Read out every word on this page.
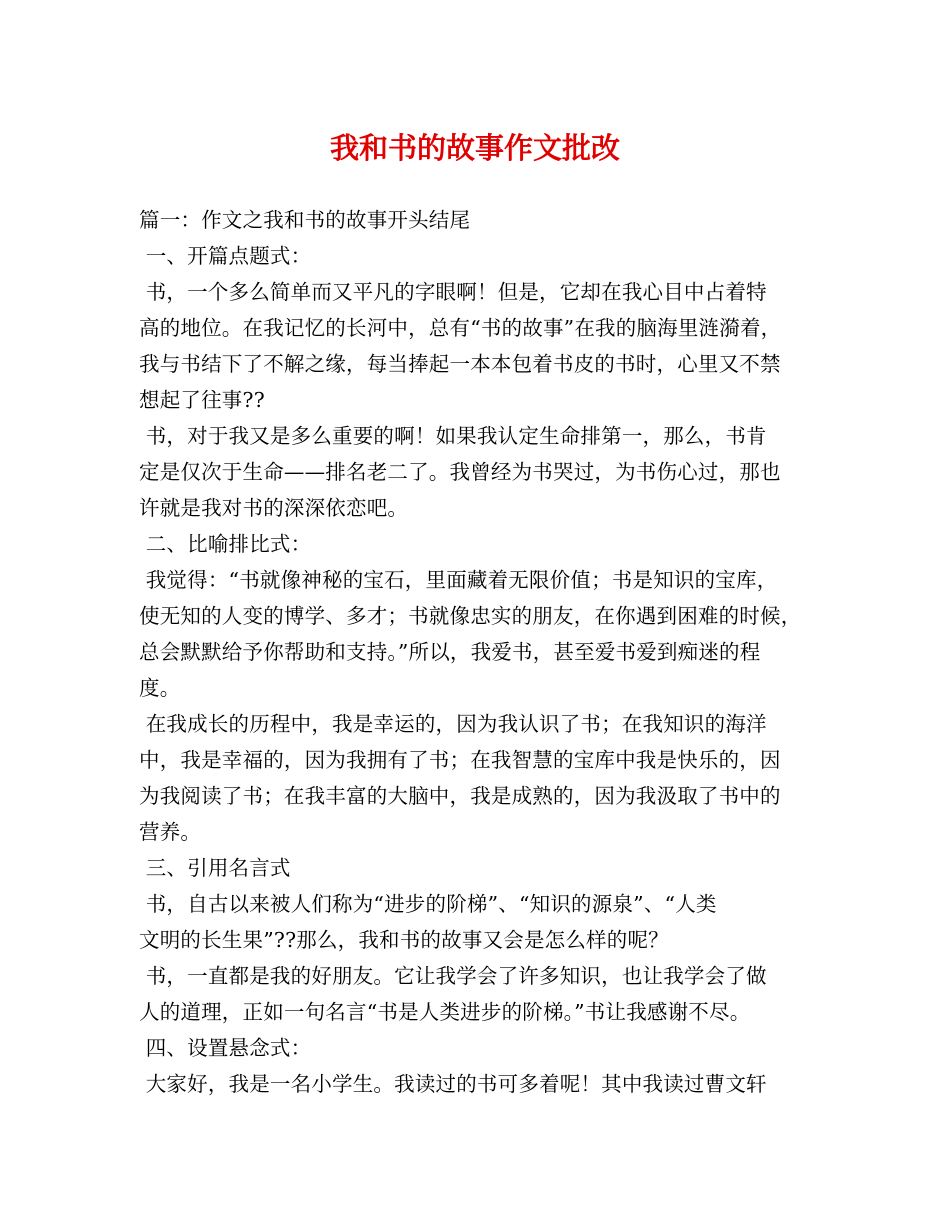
我和书的故事作文批改
篇一：作文之我和书的故事开头结尾
一、开篇点题式：
书，一个多么简单而又平凡的字眼啊！但是，它却在我心目中占着特
高的地位。在我记忆的长河中，总有“书的故事”在我的脑海里涟漪着，
我与书结下了不解之缘，每当捧起一本本包着书皮的书时，心里又不禁
想起了往事??
书，对于我又是多么重要的啊！如果我认定生命排第一，那么，书肯
定是仅次于生命——排名老二了。我曾经为书哭过，为书伤心过，那也
许就是我对书的深深依恋吧。
二、比喻排比式：
我觉得：“书就像神秘的宝石，里面藏着无限价值；书是知识的宝库，
使无知的人变的博学、多才；书就像忠实的朋友，在你遇到困难的时候，
总会默默给予你帮助和支持。”所以，我爱书，甚至爱书爱到痴迷的程
度。
在我成长的历程中，我是幸运的，因为我认识了书；在我知识的海洋
中，我是幸福的，因为我拥有了书；在我智慧的宝库中我是快乐的，因
为我阅读了书；在我丰富的大脑中，我是成熟的，因为我汲取了书中的
营养。
三、引用名言式
书，自古以来被人们称为“进步的阶梯”、“知识的源泉”、“人类
文明的长生果”??那么，我和书的故事又会是怎么样的呢？
书，一直都是我的好朋友。它让我学会了许多知识，也让我学会了做
人的道理，正如一句名言“书是人类进步的阶梯。”书让我感谢不尽。
四、设置悬念式：
大家好，我是一名小学生。我读过的书可多着呢！其中我读过曹文轩
